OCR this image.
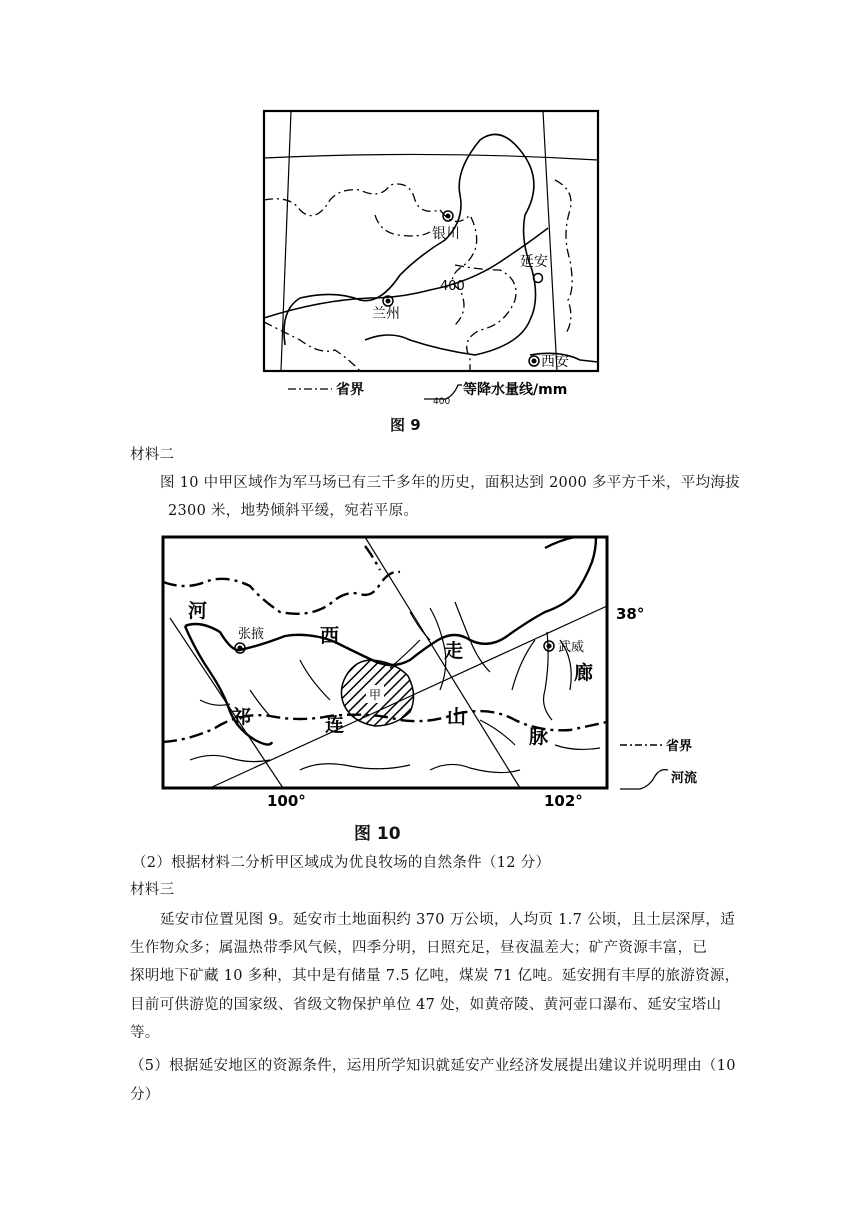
银川
延安
兰州
西安
400
省界
400
等降水量线/mm
图 9
材料二
图 10 中甲区域作为军马场已有三千多年的历史，面积达到 2000 多平方千米，平均海拔
2300 米，地势倾斜平缓，宛若平原。
甲
张掖
武威
河
西
走
廊
祁	连	山
脉
38°
100°	102°
省界
河流
图 10
（2）根据材料二分析甲区域成为优良牧场的自然条件（12 分）
材料三
延安市位置见图 9。延安市土地面积约 370 万公顷，人均页 1.7 公顷，且土层深厚，适
生作物众多；属温热带季风气候，四季分明，日照充足，昼夜温差大；矿产资源丰富，已
探明地下矿藏 10 多种，其中是有储量 7.5 亿吨，煤炭 71 亿吨。延安拥有丰厚的旅游资源，
目前可供游览的国家级、省级文物保护单位 47 处，如黄帝陵、黄河壶口瀑布、延安宝塔山
等。
（5）根据延安地区的资源条件，运用所学知识就延安产业经济发展提出建议并说明理由（10
分）
